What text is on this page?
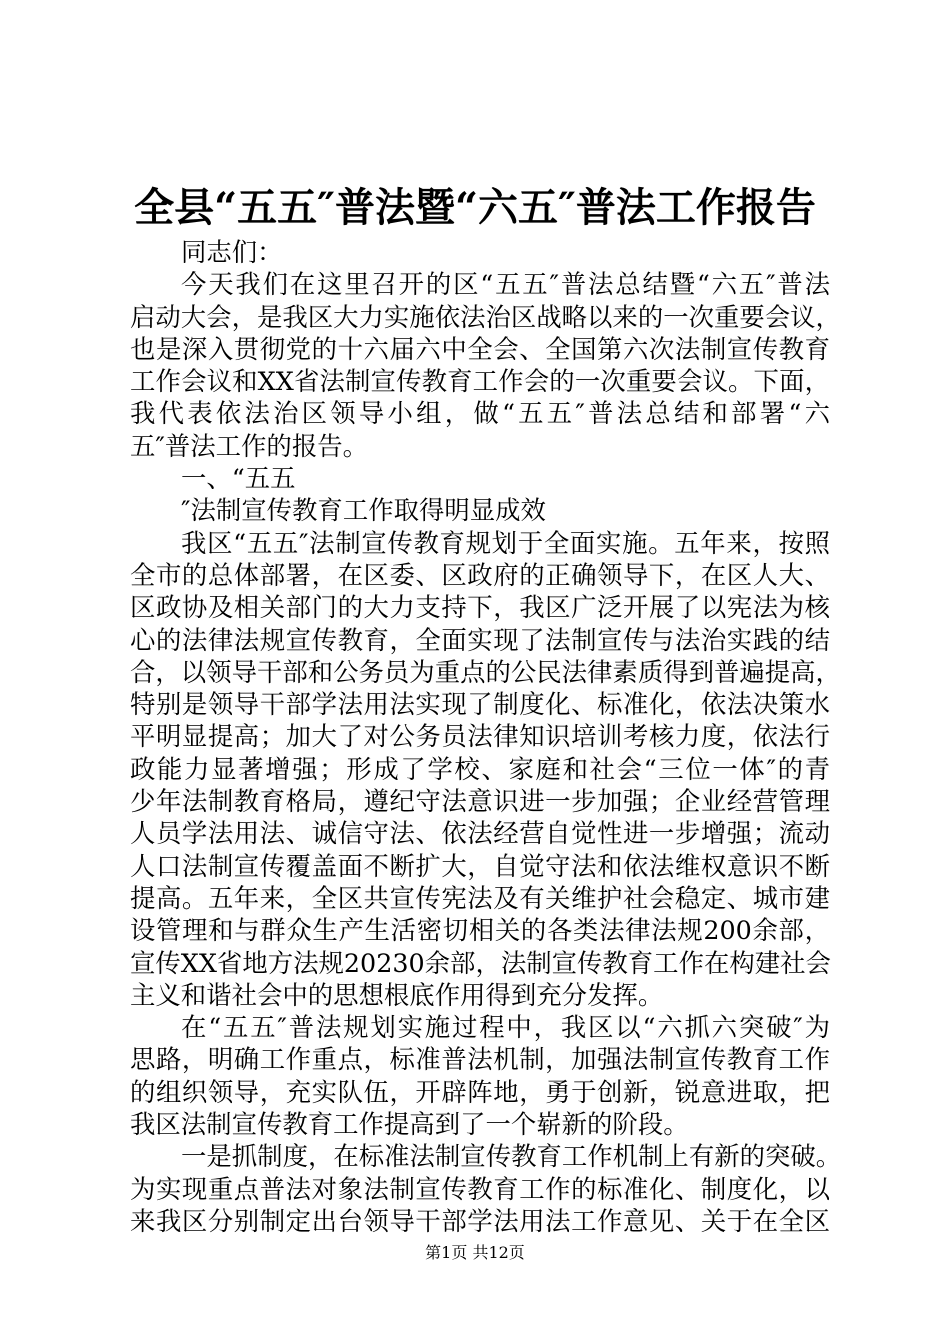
全县“五五″普法暨“六五″普法工作报告
同志们：
今天我们在这里召开的区“五五″普法总结暨“六五″普法
启动大会，是我区大力实施依法治区战略以来的一次重要会议，
也是深入贯彻党的十六届六中全会、全国第六次法制宣传教育
工作会议和XX省法制宣传教育工作会的一次重要会议。下面，
我代表依法治区领导小组，做“五五″普法总结和部署“六
五″普法工作的报告。
一、“五五
″法制宣传教育工作取得明显成效
我区“五五″法制宣传教育规划于全面实施。五年来，按照
全市的总体部署，在区委、区政府的正确领导下，在区人大、
区政协及相关部门的大力支持下，我区广泛开展了以宪法为核
心的法律法规宣传教育，全面实现了法制宣传与法治实践的结
合，以领导干部和公务员为重点的公民法律素质得到普遍提高，
特别是领导干部学法用法实现了制度化、标准化，依法决策水
平明显提高；加大了对公务员法律知识培训考核力度，依法行
政能力显著增强；形成了学校、家庭和社会“三位一体″的青
少年法制教育格局，遵纪守法意识进一步加强；企业经营管理
人员学法用法、诚信守法、依法经营自觉性进一步增强；流动
人口法制宣传覆盖面不断扩大，自觉守法和依法维权意识不断
提高。五年来，全区共宣传宪法及有关维护社会稳定、城市建
设管理和与群众生产生活密切相关的各类法律法规200余部，
宣传XX省地方法规20230余部，法制宣传教育工作在构建社会
主义和谐社会中的思想根底作用得到充分发挥。
在“五五″普法规划实施过程中，我区以“六抓六突破″为
思路，明确工作重点，标准普法机制，加强法制宣传教育工作
的组织领导，充实队伍，开辟阵地，勇于创新，锐意进取，把
我区法制宣传教育工作提高到了一个崭新的阶段。
一是抓制度，在标准法制宣传教育工作机制上有新的突破。
为实现重点普法对象法制宣传教育工作的标准化、制度化，以
来我区分别制定出台领导干部学法用法工作意见、关于在全区
第1页 共12页
